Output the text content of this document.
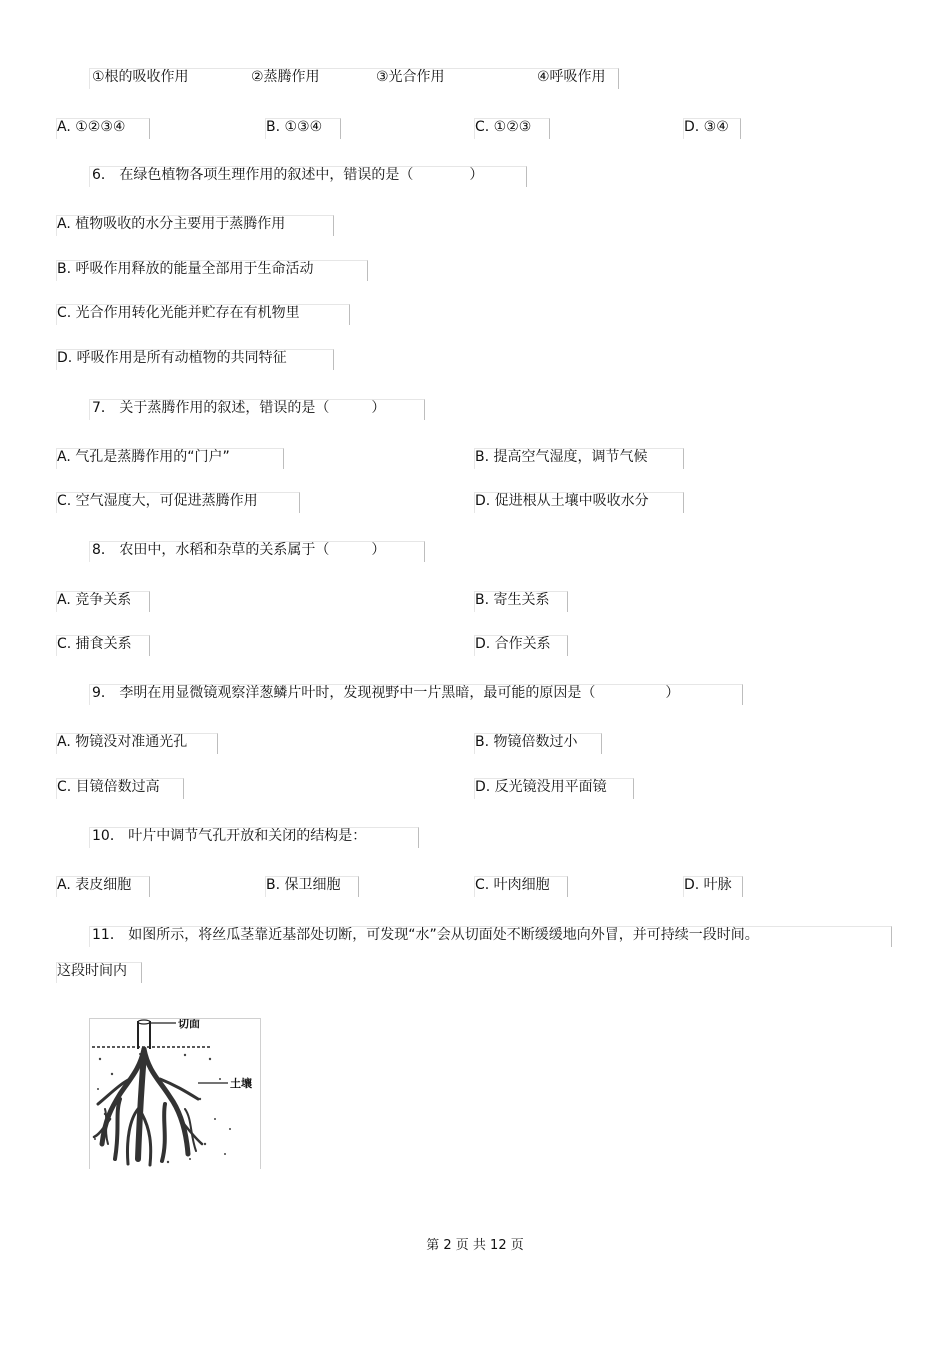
①根的吸收作用	②蒸腾作用	③光合作用	④呼吸作用
A. ①②③④	B. ①③④	C. ①②③	D. ③④
6． 在绿色植物各项生理作用的叙述中，错误的是（　　　　）
A. 植物吸收的水分主要用于蒸腾作用
B. 呼吸作用释放的能量全部用于生命活动
C. 光合作用转化光能并贮存在有机物里
D. 呼吸作用是所有动植物的共同特征
7． 关于蒸腾作用的叙述，错误的是（　　　）
A. 气孔是蒸腾作用的“门户”	B. 提高空气湿度，调节气候
C. 空气湿度大，可促进蒸腾作用	D. 促进根从土壤中吸收水分
8． 农田中，水稻和杂草的关系属于（　　　）
A. 竞争关系	B. 寄生关系
C. 捕食关系	D. 合作关系
9． 李明在用显微镜观察洋葱鳞片叶时，发现视野中一片黑暗，最可能的原因是（　　　　　）
A. 物镜没对准通光孔	B. 物镜倍数过小
C. 目镜倍数过高	D. 反光镜没用平面镜
10． 叶片中调节气孔开放和关闭的结构是：
A. 表皮细胞	B. 保卫细胞	C. 叶肉细胞	D. 叶脉
11． 如图所示，将丝瓜茎靠近基部处切断，可发现“水”会从切面处不断缓缓地向外冒，并可持续一段时间。
这段时间内
切面
土壤
第 2 页 共 12 页
